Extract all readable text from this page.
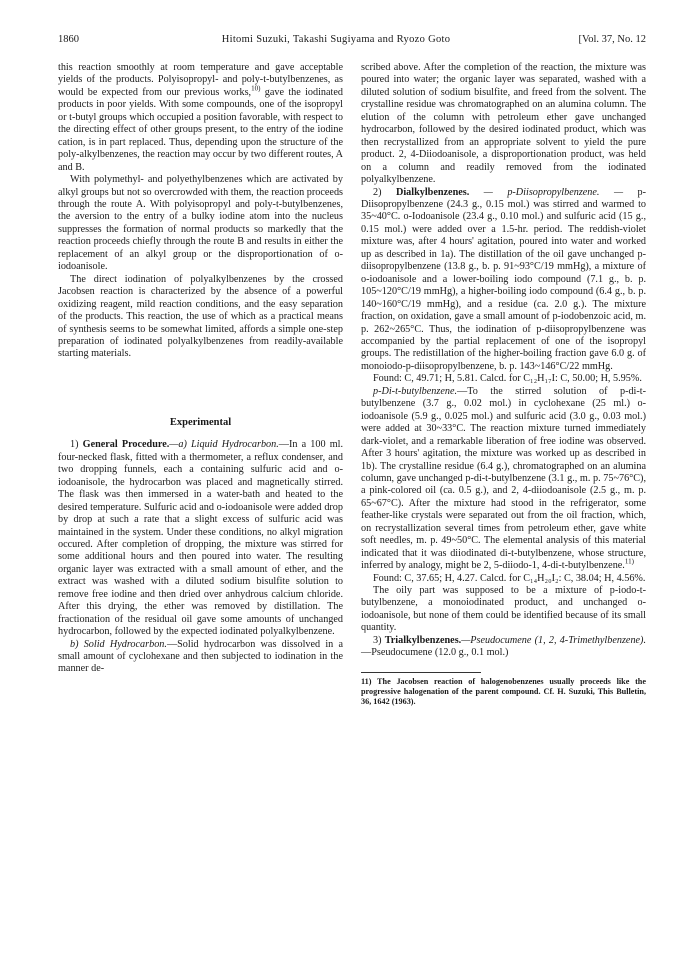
1860	Hitomi Suzuki, Takashi Sugiyama and Ryozo Goto	[Vol. 37, No. 12

this reaction smoothly at room temperature and gave acceptable yields of the products. Polyisopropyl- and poly-t-butylbenzenes, as would be expected from our previous works,$^{10)}$ gave the iodinated products in poor yields. With some compounds, one of the isopropyl or t-butyl groups which occupied a position favorable, with respect to the directing effect of other groups present, to the entry of the iodine cation, is in part replaced. Thus, depending upon the structure of the poly-alkylbenzenes, the reaction may occur by two different routes, A and B.

With polymethyl- and polyethylbenzenes which are activated by alkyl groups but not so overcrowded with them, the reaction proceeds through the route A. With polyisopropyl and poly-t-butylbenzenes, the aversion to the entry of a bulky iodine atom into the nucleus suppresses the formation of normal products so markedly that the reaction proceeds chiefly through the route B and results in either the replacement of an alkyl group or the disproportionation of o-iodoanisole.

The direct iodination of polyalkylbenzenes by the crossed Jacobsen reaction is characterized by the absence of a powerful oxidizing reagent, mild reaction conditions, and the easy separation of the products. This reaction, the use of which as a practical means of synthesis seems to be somewhat limited, affords a simple one-step preparation of iodinated polyalkylbenzenes from readily-available starting materials.

Experimental

1) General Procedure.—a) Liquid Hydrocarbon.—In a 100 ml. four-necked flask, fitted with a thermometer, a reflux condenser, and two dropping funnels, each a containing sulfuric acid and o-iodoanisole, the hydrocarbon was placed and magnetically stirred. The flask was then immersed in a water-bath and heated to the desired temperature. Sulfuric acid and o-iodoanisole were added drop by drop at such a rate that a slight excess of sulfuric acid was maintained in the system. Under these conditions, no alkyl migration occured. After completion of dropping, the mixture was stirred for some additional hours and then poured into water. The resulting organic layer was extracted with a small amount of ether, and the extract was washed with a diluted sodium bisulfite solution to remove free iodine and then dried over anhydrous calcium chloride. After this drying, the ether was removed by distillation. The fractionation of the residual oil gave some amounts of unchanged hydrocarbon, followed by the expected iodinated polyalkylbenzene.

b) Solid Hydrocarbon.—Solid hydrocarbon was dissolved in a small amount of cyclohexane and then subjected to iodination in the manner de-

scribed above. After the completion of the reaction, the mixture was poured into water; the organic layer was separated, washed with a diluted solution of sodium bisulfite, and freed from the solvent. The crystalline residue was chromatographed on an alumina column. The elution of the column with petroleum ether gave unchanged hydrocarbon, followed by the desired iodinated product, which was then recrystallized from an appropriate solvent to yield the pure product. 2, 4-Diiodoanisole, a disproportionation product, was held on a column and readily removed from the iodinated polyalkylbenzene.

2) Dialkylbenzenes. — p-Diisopropylbenzene. — p-Diisopropylbenzene (24.3 g., 0.15 mol.) was stirred and warmed to 35~40°C. o-Iodoanisole (23.4 g., 0.10 mol.) and sulfuric acid (15 g., 0.15 mol.) were added over a 1.5-hr. period. The reddish-violet mixture was, after 4 hours' agitation, poured into water and worked up as described in 1a). The distillation of the oil gave unchanged p-diisopropylbenzene (13.8 g., b. p. 91~93°C/19 mmHg), a mixture of o-iodoanisole and a lower-boiling iodo compound (7.1 g., b. p. 105~120°C/19 mmHg), a higher-boiling iodo compound (6.4 g., b. p. 140~160°C/19 mmHg), and a residue (ca. 2.0 g.). The mixture fraction, on oxidation, gave a small amount of p-iodobenzoic acid, m. p. 262~265°C. Thus, the iodination of p-diisopropylbenzene was accompanied by the partial replacement of one of the isopropyl groups. The redistillation of the higher-boiling fraction gave 6.0 g. of monoiodo-p-diisopropylbenzene, b. p. 143~146°C/22 mmHg.

Found: C, 49.71; H, 5.81. Calcd. for C₁₂H₁₇I: C, 50.00; H, 5.95%.

p-Di-t-butylbenzene.—To the stirred solution of p-di-t-butylbenzene (3.7 g., 0.02 mol.) in cyclohexane (25 ml.) o-iodoanisole (5.9 g., 0.025 mol.) and sulfuric acid (3.0 g., 0.03 mol.) were added at 30~33°C. The reaction mixture turned immediately dark-violet, and a remarkable liberation of free iodine was observed. After 3 hours' agitation, the mixture was worked up as described in 1b). The crystalline residue (6.4 g.), chromatographed on an alumina column, gave unchanged p-di-t-butylbenzene (3.1 g., m. p. 75~76°C), a pink-colored oil (ca. 0.5 g.), and 2, 4-diiodoanisole (2.5 g., m. p. 65~67°C). After the mixture had stood in the refrigerator, some feather-like crystals were separated out from the oil fraction, which, on recrystallization several times from petroleum ether, gave white soft needles, m. p. 49~50°C. The elemental analysis of this material indicated that it was diiodinated di-t-butylbenzene, whose structure, inferred by analogy, might be 2, 5-diiodo-1, 4-di-t-butylbenzene.$^{11)}$

Found: C, 37.65; H, 4.27. Calcd. for C₁₄H₂₀I₂: C, 38.04; H, 4.56%.

The oily part was supposed to be a mixture of p-iodo-t-butylbenzene, a monoiodinated product, and unchanged o-iodoanisole, but none of them could be identified because of its small quantity.

3) Trialkylbenzenes.—Pseudocumene (1, 2, 4-Trimethylbenzene).—Pseudocumene (12.0 g., 0.1 mol.)

11) The Jacobsen reaction of halogenobenzenes usually proceeds like the progressive halogenation of the parent compound. Cf. H. Suzuki, This Bulletin, 36, 1642 (1963).
